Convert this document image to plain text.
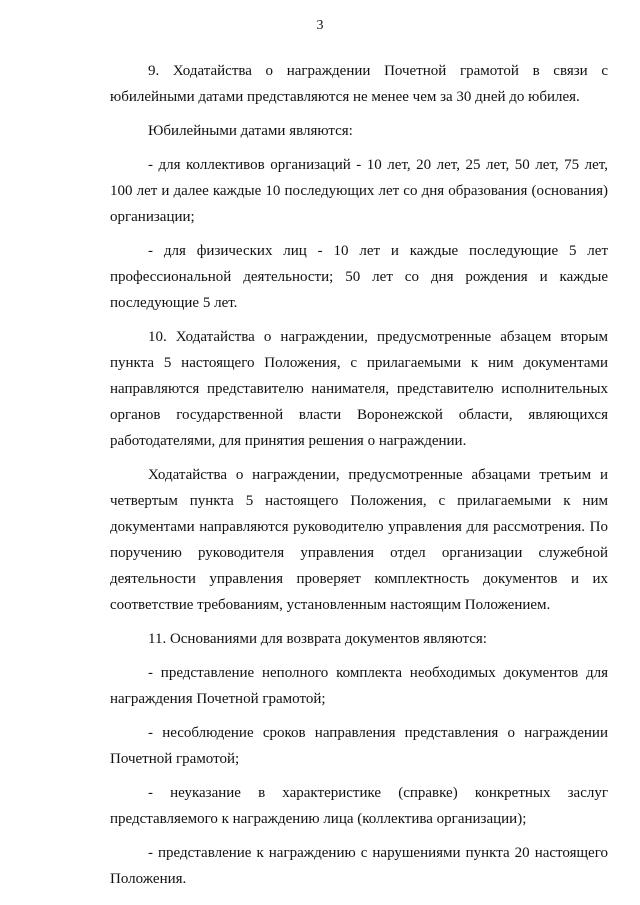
3

9. Ходатайства о награждении Почетной грамотой в связи с юбилейными датами представляются не менее чем за 30 дней до юбилея.

Юбилейными датами являются:

- для коллективов организаций - 10 лет, 20 лет, 25 лет, 50 лет, 75 лет, 100 лет и далее каждые 10 последующих лет со дня образования (основания) организации;

- для физических лиц - 10 лет и каждые последующие 5 лет профессиональной деятельности; 50 лет со дня рождения и каждые последующие 5 лет.

10. Ходатайства о награждении, предусмотренные абзацем вторым пункта 5 настоящего Положения, с прилагаемыми к ним документами направляются представителю нанимателя, представителю исполнительных органов государственной власти Воронежской области, являющихся работодателями, для принятия решения о награждении.

Ходатайства о награждении, предусмотренные абзацами третьим и четвертым пункта 5 настоящего Положения, с прилагаемыми к ним документами направляются руководителю управления для рассмотрения. По поручению руководителя управления отдел организации служебной деятельности управления проверяет комплектность документов и их соответствие требованиям, установленным настоящим Положением.

11. Основаниями для возврата документов являются:

- представление неполного комплекта необходимых документов для награждения Почетной грамотой;

- несоблюдение сроков направления представления о награждении Почетной грамотой;

- неуказание в характеристике (справке) конкретных заслуг представляемого к награждению лица (коллектива организации);

- представление к награждению с нарушениями пункта 20 настоящего Положения.
